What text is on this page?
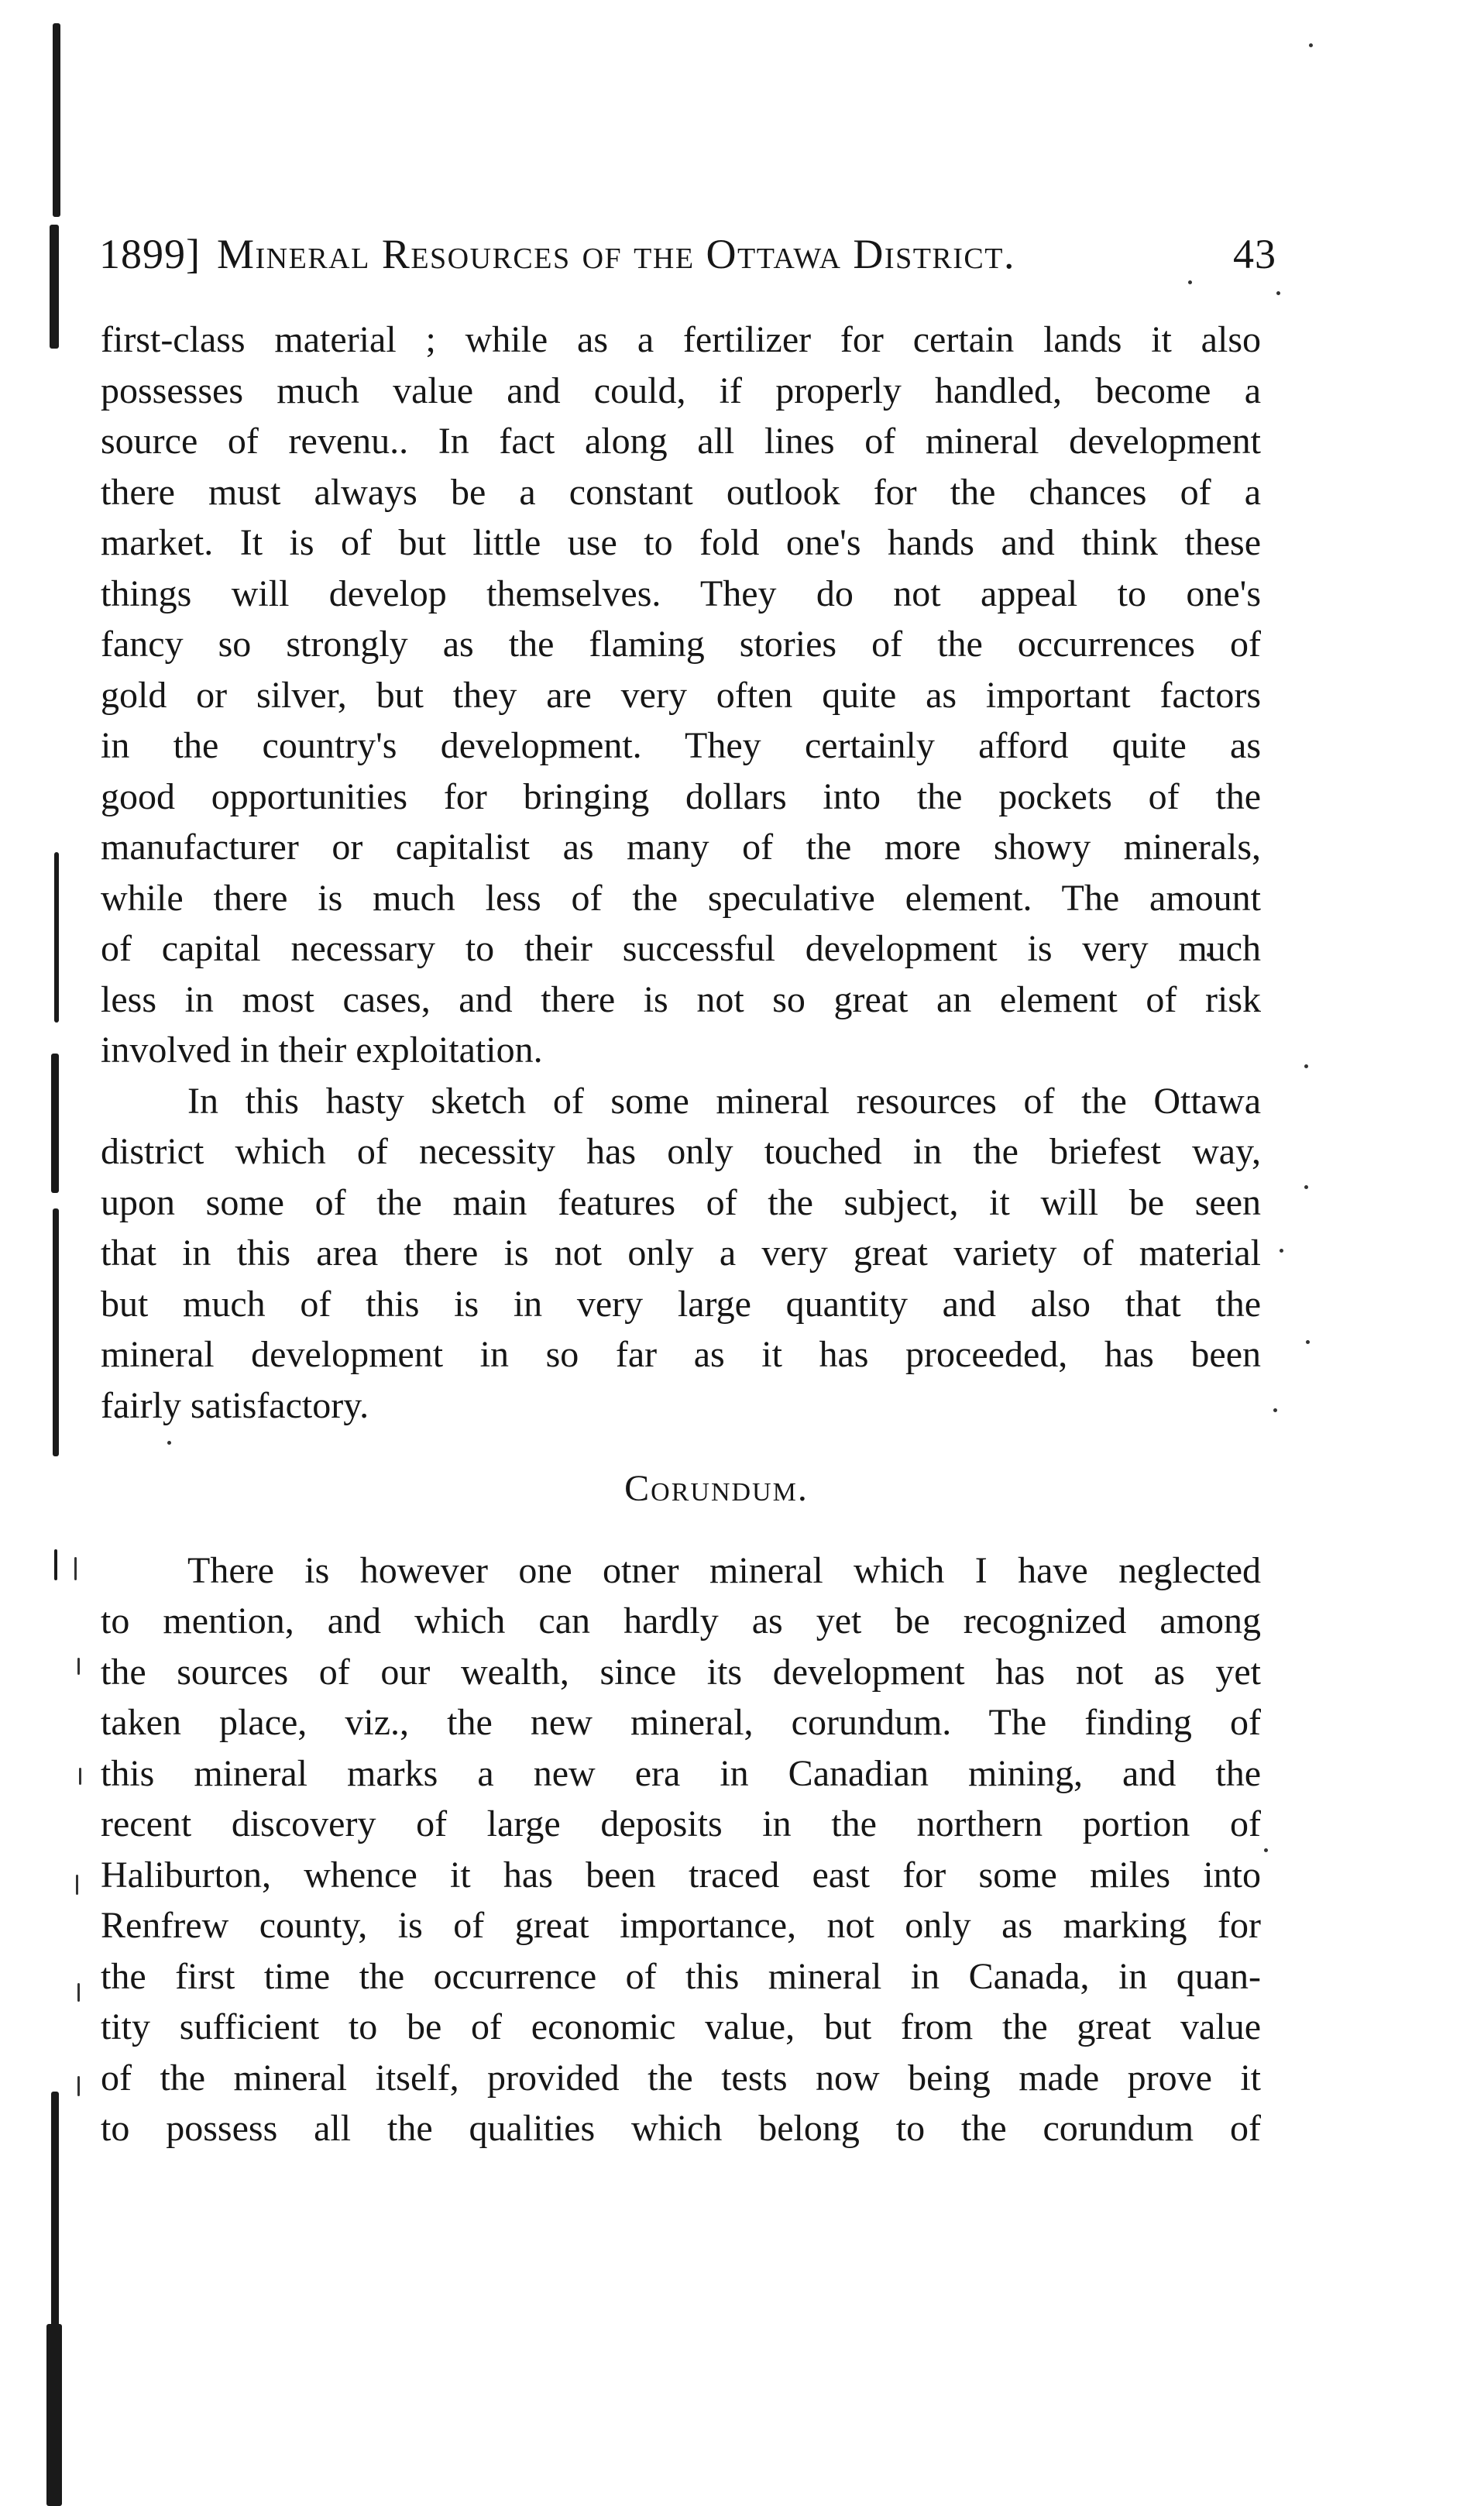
1899] Mineral Resources of the Ottawa District.	43
first-class material ; while as a fertilizer for certain lands it also
possesses much value and could, if properly handled, become a
source of revenu.. In fact along all lines of mineral development
there must always be a constant outlook for the chances of a
market. It is of but little use to fold one's hands and think these
things will develop themselves. They do not appeal to one's
fancy so strongly as the flaming stories of the occurrences of
gold or silver, but they are very often quite as important factors
in the country's development. They certainly afford quite as
good opportunities for bringing dollars into the pockets of the
manufacturer or capitalist as many of the more showy minerals,
while there is much less of the speculative element. The amount
of capital necessary to their successful development is very much
less in most cases, and there is not so great an element of risk
involved in their exploitation.
In this hasty sketch of some mineral resources of the Ottawa
district which of necessity has only touched in the briefest way,
upon some of the main features of the subject, it will be seen
that in this area there is not only a very great variety of material
but much of this is in very large quantity and also that the
mineral development in so far as it has proceeded, has been
fairly satisfactory.
Corundum.
There is however one otner mineral which I have neglected
to mention, and which can hardly as yet be recognized among
the sources of our wealth, since its development has not as yet
taken place, viz., the new mineral, corundum. The finding of
this mineral marks a new era in Canadian mining, and the
recent discovery of large deposits in the northern portion of
Haliburton, whence it has been traced east for some miles into
Renfrew county, is of great importance, not only as marking for
the first time the occurrence of this mineral in Canada, in quan-
tity sufficient to be of economic value, but from the great value
of the mineral itself, provided the tests now being made prove it
to possess all the qualities which belong to the corundum of
